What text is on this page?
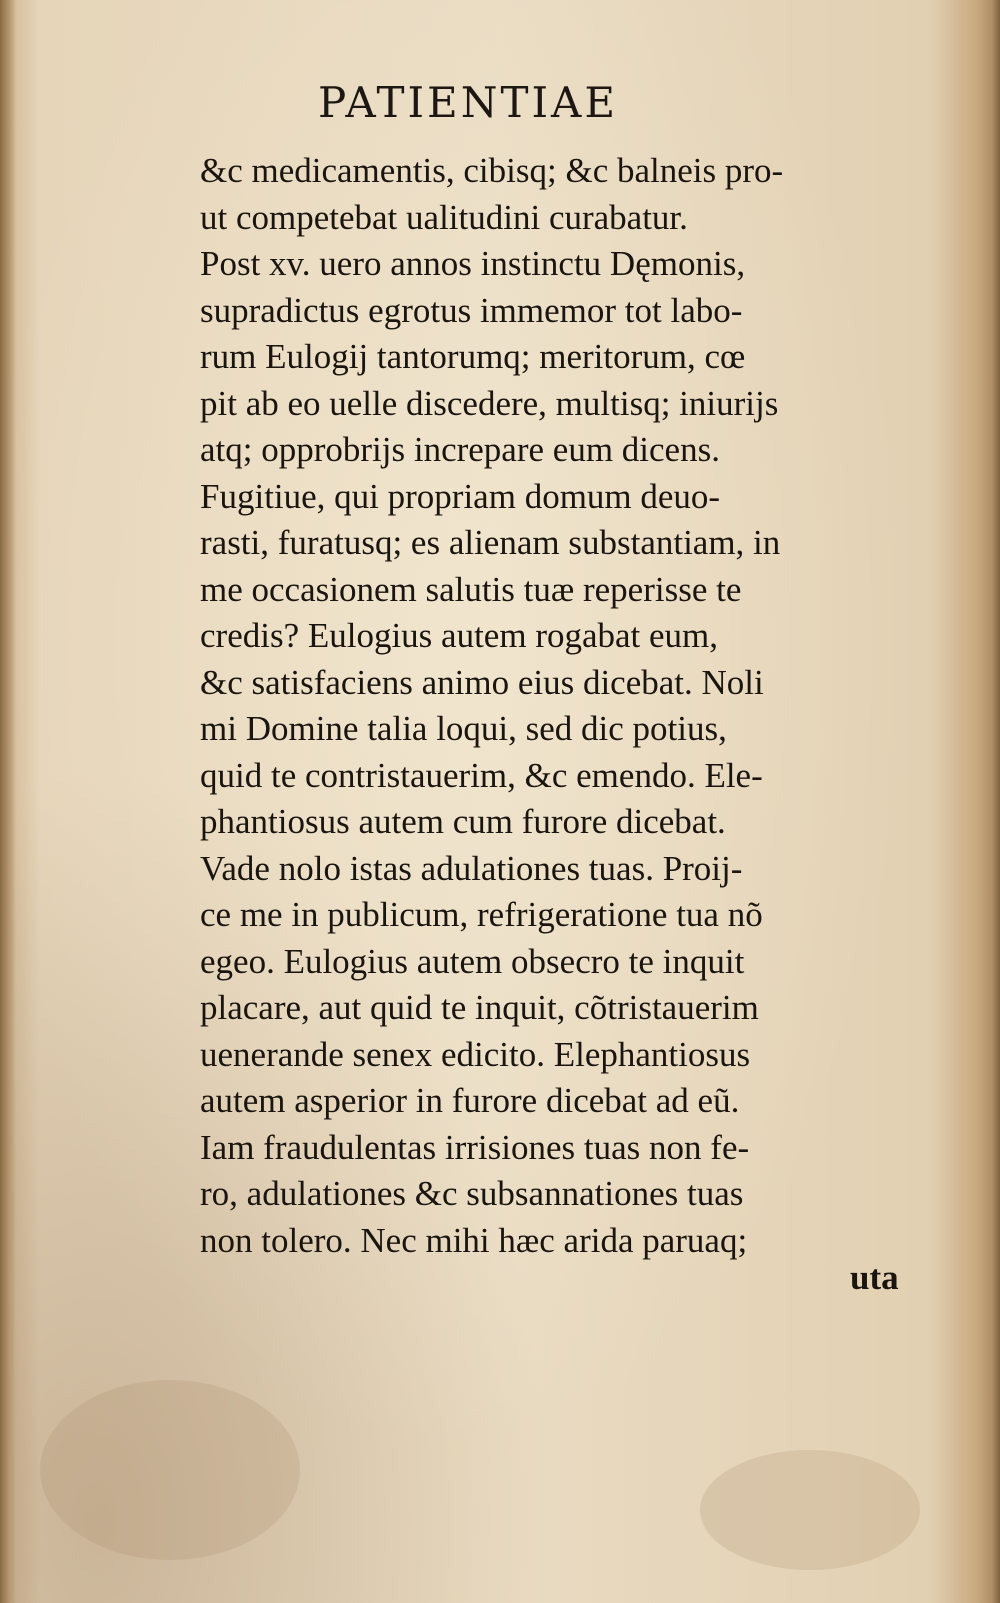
PATIENTIAE
&c medicamentis, cibisq; &c balneis pro-
ut competebat ualitudini curabatur.
Post xv. uero annos instinctu Dęmonis,
supradictus egrotus immemor tot labo-
rum Eulogij tantorumq; meritorum, cœ
pit ab eo uelle discedere, multisq; iniurijs
atq; opprobrijs increpare eum dicens.
Fugitiue, qui propriam domum deuo-
rasti, furatusq; es alienam substantiam, in
me occasionem salutis tuæ reperisse te
credis? Eulogius autem rogabat eum,
&c satisfaciens animo eius dicebat. Noli
mi Domine talia loqui, sed dic potius,
quid te contristauerim, &c emendo. Ele-
phantiosus autem cum furore dicebat.
Vade nolo istas adulationes tuas. Proij-
ce me in publicum, refrigeratione tua nõ
egeo. Eulogius autem obsecro te inquit
placare, aut quid te inquit, cõtristauerim
uenerande senex edicito. Elephantiosus
autem asperior in furore dicebat ad eũ.
Iam fraudulentas irrisiones tuas non fe-
ro, adulationes &c subsannationes tuas
non tolero. Nec mihi hæc arida paruaq;
uta
